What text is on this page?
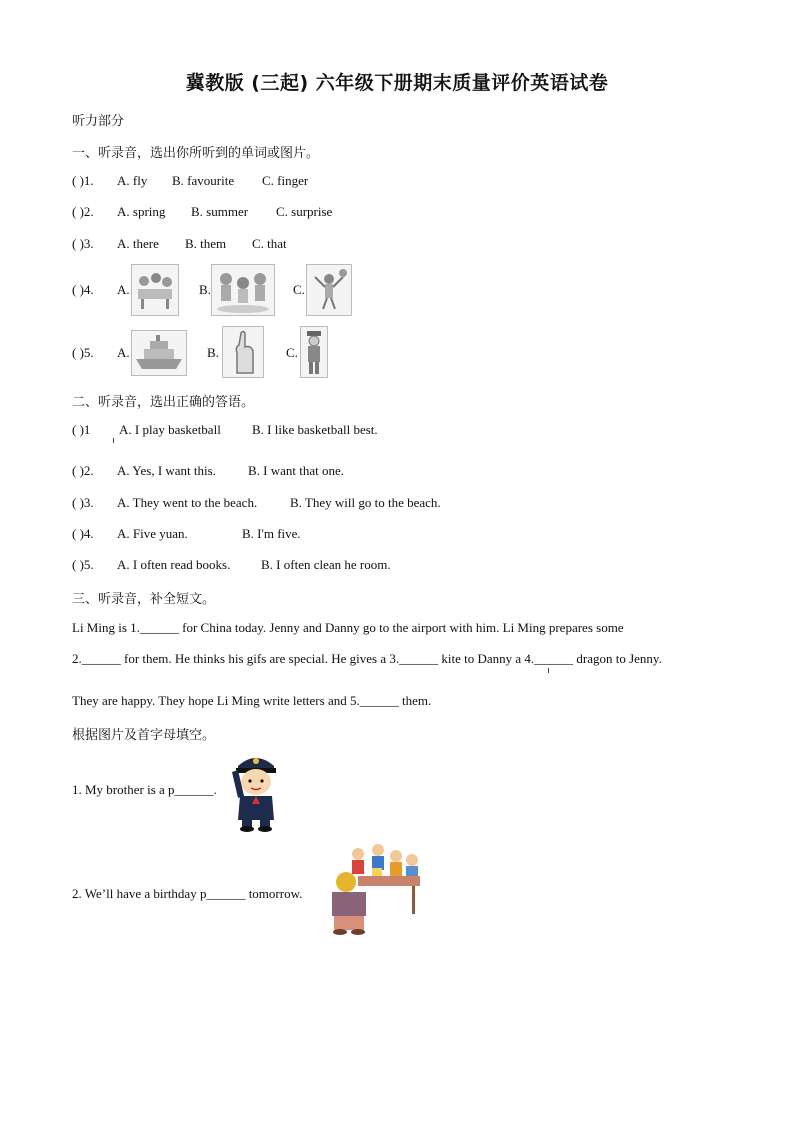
冀教版 (三起) 六年级下册期末质量评价英语试卷
听力部分
一、听录音，选出你所听到的单词或图片。
( )1. A. fly B. favourite C. finger
( )2. A. spring B. summer C. surprise
( )3. A. there B. them C. that
( )4. A.	B.	C.
( )5. A.	B.	C.
二、听录音，选出正确的答语。
( )1 A. I play basketball B. I like basketball best.
( )2. A. Yes, I want this. B. I want that one.
( )3. A. They went to the beach.	B. They will go to the beach.
( )4. A. Five yuan.	B. I'm five.
( )5. A. I often read books. B. I often clean he room.
三、听录音，补全短文。
Li Ming is 1.______ for China today. Jenny and Danny go to the airport with him. Li Ming prepares some
2.______ for them. He thinks his gifs are special. He gives a 3.______ kite to Danny a 4.______ dragon to Jenny.
They are happy. They hope Li Ming write letters and 5.______ them.
根据图片及首字母填空。
1. My brother is a p______.
2. We’ll have a birthday p______ tomorrow.
